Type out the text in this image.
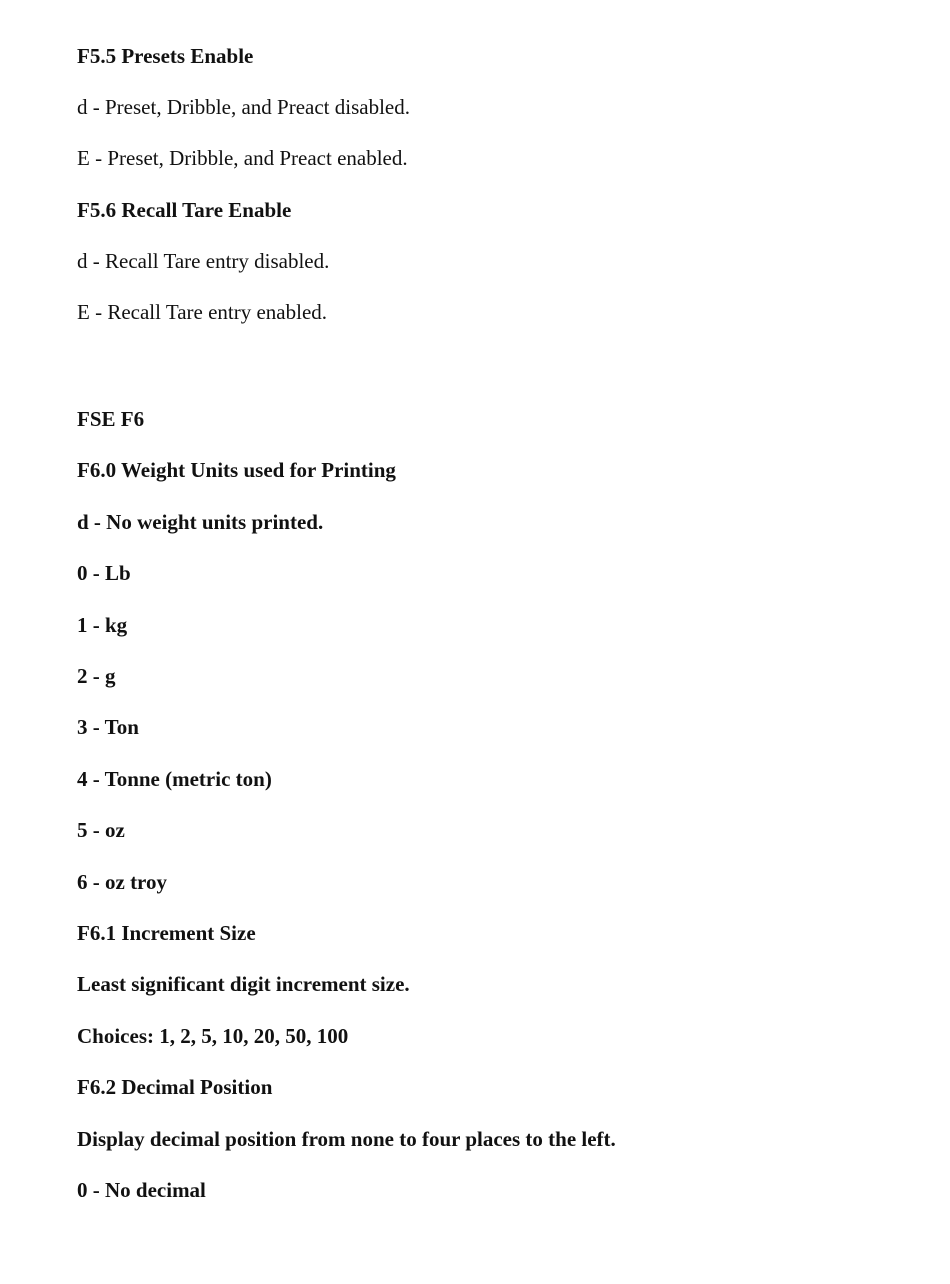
F5.5 Presets Enable
d - Preset, Dribble, and Preact disabled.
E - Preset, Dribble, and Preact enabled.
F5.6 Recall Tare Enable
d - Recall Tare entry disabled.
E - Recall Tare entry enabled.
FSE F6
F6.0 Weight Units used for Printing
d - No weight units printed.
0 - Lb
1 - kg
2 - g
3 - Ton
4 - Tonne (metric ton)
5 - oz
6 - oz troy
F6.1 Increment Size
Least significant digit increment size.
Choices: 1, 2, 5, 10, 20, 50, 100
F6.2 Decimal Position
Display decimal position from none to four places to the left.
0 - No decimal
